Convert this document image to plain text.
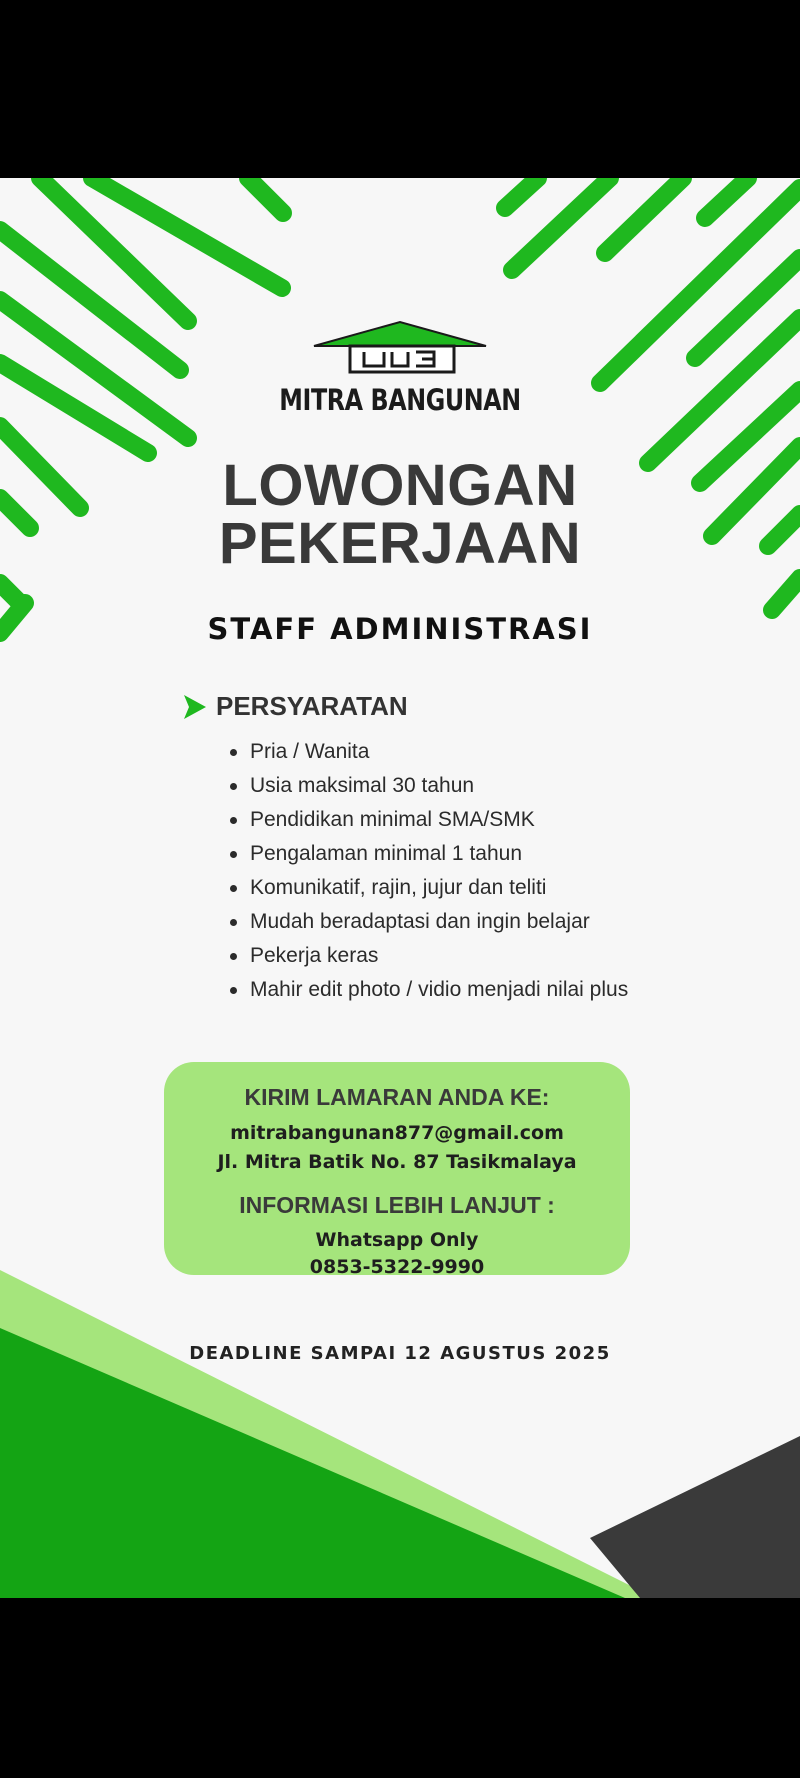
MITRA BANGUNAN
LOWONGAN
PEKERJAAN
STAFF ADMINISTRASI
PERSYARATAN
Pria / Wanita
Usia maksimal 30 tahun
Pendidikan minimal SMA/SMK
Pengalaman minimal 1 tahun
Komunikatif, rajin, jujur dan teliti
Mudah beradaptasi dan ingin belajar
Pekerja keras
Mahir edit photo / vidio menjadi nilai plus
KIRIM LAMARAN ANDA KE:
mitrabangunan877@gmail.com
Jl. Mitra Batik No. 87 Tasikmalaya
INFORMASI LEBIH LANJUT :
Whatsapp Only
0853-5322-9990
DEADLINE SAMPAI 12 AGUSTUS 2025
